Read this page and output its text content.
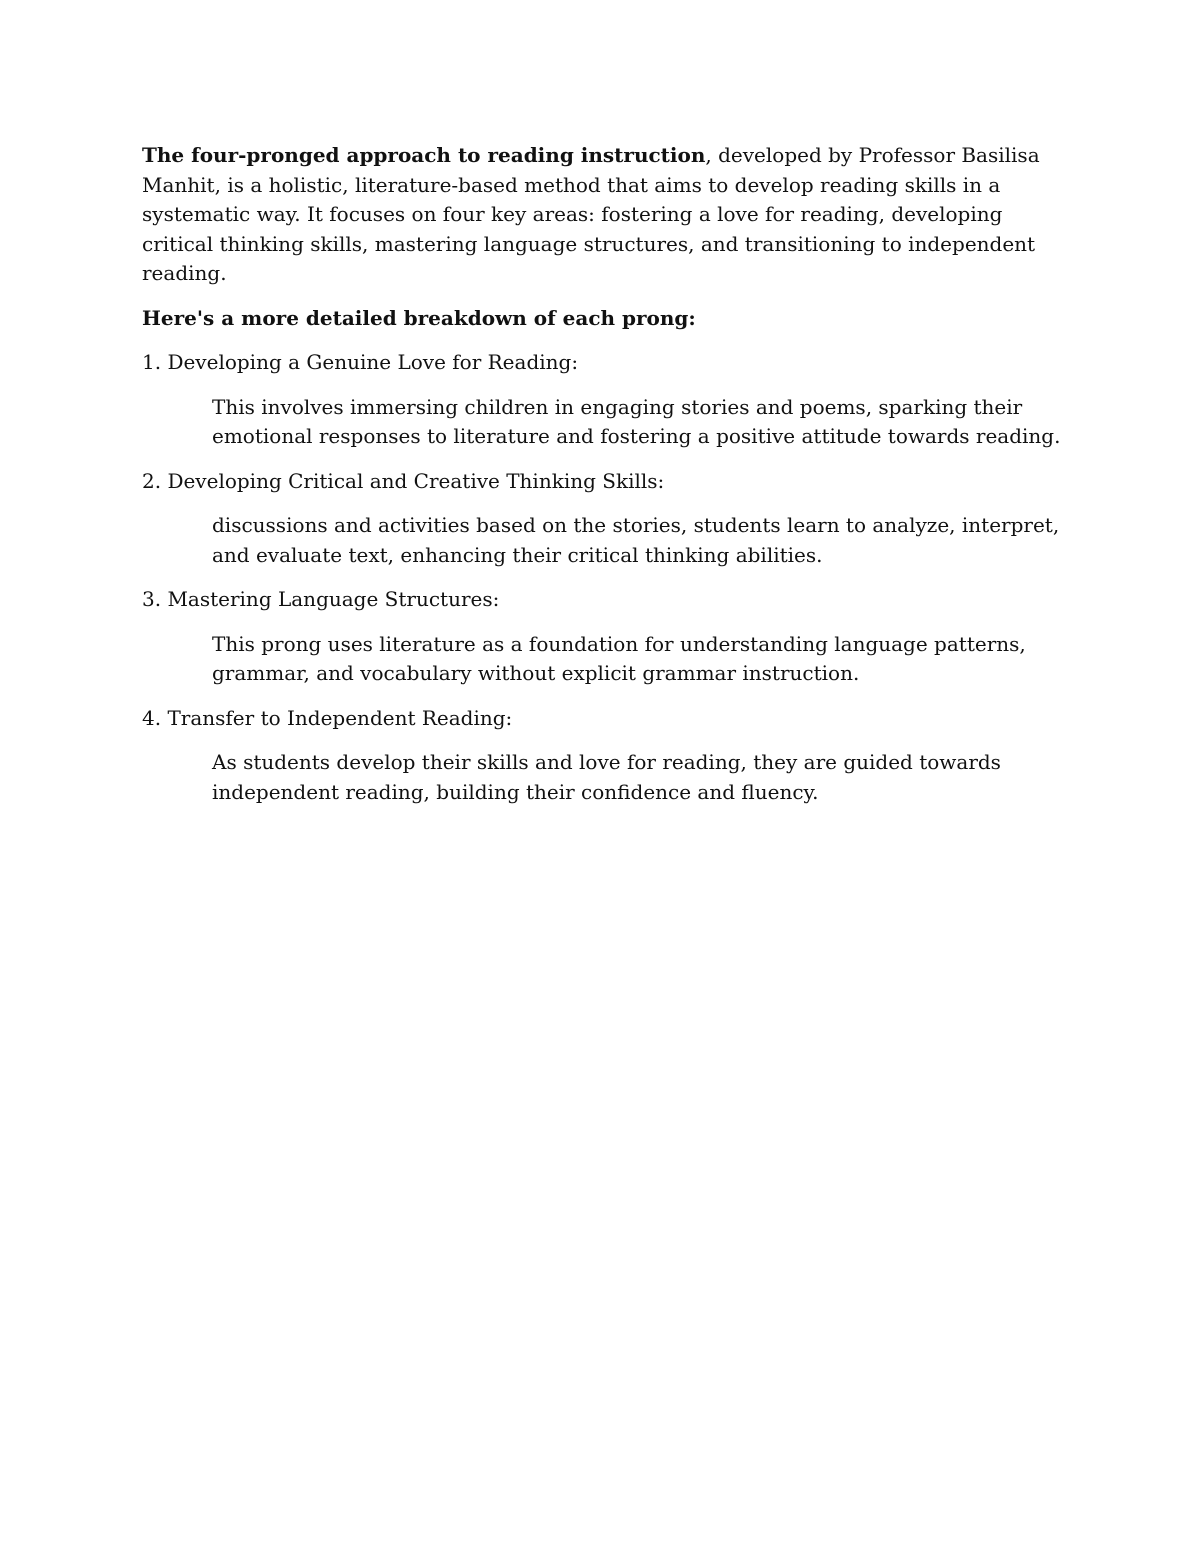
The four-pronged approach to reading instruction, developed by Professor Basilisa Manhit, is a holistic, literature-based method that aims to develop reading skills in a systematic way. It focuses on four key areas: fostering a love for reading, developing critical thinking skills, mastering language structures, and transitioning to independent reading.

Here's a more detailed breakdown of each prong:

1. Developing a Genuine Love for Reading:

This involves immersing children in engaging stories and poems, sparking their emotional responses to literature and fostering a positive attitude towards reading.

2. Developing Critical and Creative Thinking Skills:

discussions and activities based on the stories, students learn to analyze, interpret, and evaluate text, enhancing their critical thinking abilities.

3. Mastering Language Structures:

This prong uses literature as a foundation for understanding language patterns, grammar, and vocabulary without explicit grammar instruction.

4. Transfer to Independent Reading:

As students develop their skills and love for reading, they are guided towards independent reading, building their confidence and fluency.
